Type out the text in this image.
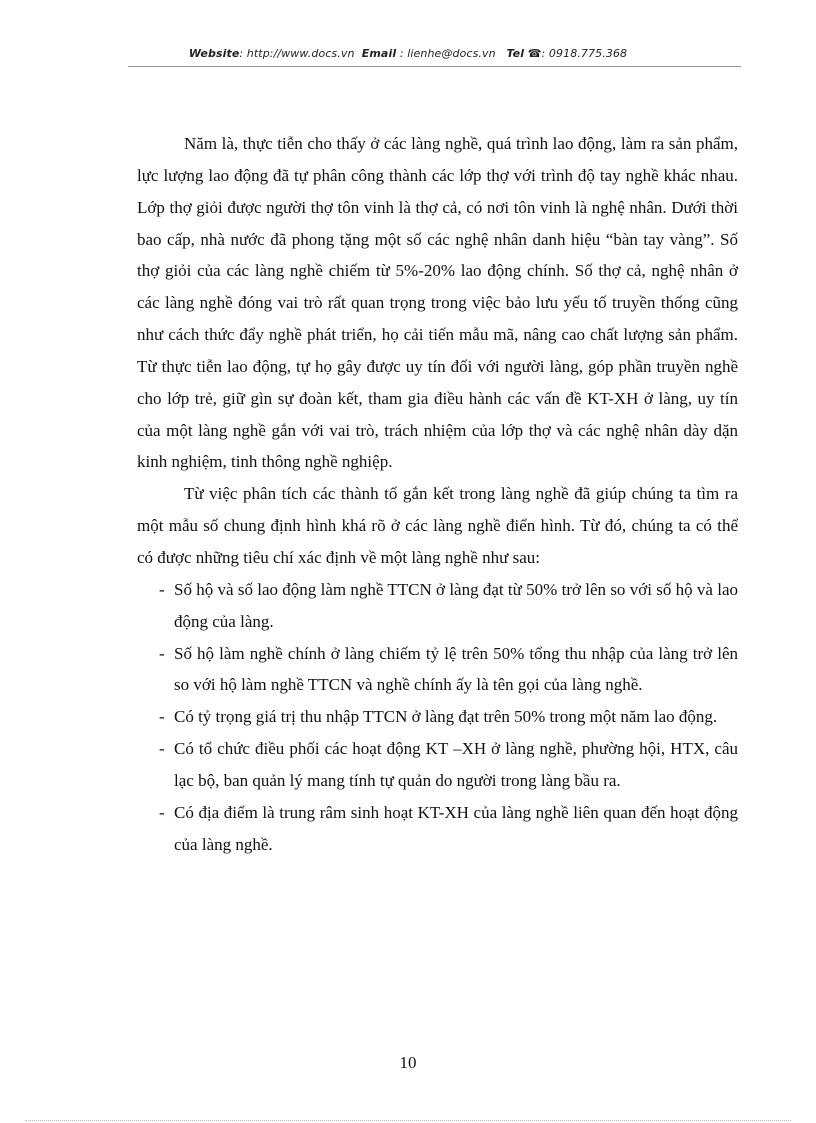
Website: http://www.docs.vn Email : lienhe@docs.vn Tel ☎: 0918.775.368

Năm là, thực tiễn cho thấy ở các làng nghề, quá trình lao động, làm ra sản phẩm, lực lượng lao động đã tự phân công thành các lớp thợ với trình độ tay nghề khác nhau. Lớp thợ giỏi được người thợ tôn vinh là thợ cả, có nơi tôn vinh là nghệ nhân. Dưới thời bao cấp, nhà nước đã phong tặng một số các nghệ nhân danh hiệu “bàn tay vàng”. Số thợ giỏi của các làng nghề chiếm từ 5%-20% lao động chính. Số thợ cả, nghệ nhân ở các làng nghề đóng vai trò rất quan trọng trong việc bảo lưu yếu tố truyền thống cũng như cách thức đẩy nghề phát triển, họ cải tiến mẫu mã, nâng cao chất lượng sản phẩm. Từ thực tiễn lao động, tự họ gây được uy tín đối với người làng, góp phần truyền nghề cho lớp trẻ, giữ gìn sự đoàn kết, tham gia điều hành các vấn đề KT-XH ở làng, uy tín của một làng nghề gắn với vai trò, trách nhiệm của lớp thợ và các nghệ nhân dày dặn kinh nghiệm, tinh thông nghề nghiệp.

Từ việc phân tích các thành tố gắn kết trong làng nghề đã giúp chúng ta tìm ra một mẫu số chung định hình khá rõ ở các làng nghề điển hình. Từ đó, chúng ta có thể có được những tiêu chí xác định về một làng nghề như sau:

- Số hộ và số lao động làm nghề TTCN ở làng đạt từ 50% trở lên so với số hộ và lao động của làng.
- Số hộ làm nghề chính ở làng chiếm tỷ lệ trên 50% tổng thu nhập của làng trở lên so với hộ làm nghề TTCN và nghề chính ấy là tên gọi của làng nghề.
- Có tỷ trọng giá trị thu nhập TTCN ở làng đạt trên 50% trong một năm lao động.
- Có tổ chức điều phối các hoạt động KT –XH ở làng nghề, phường hội, HTX, câu lạc bộ, ban quản lý mang tính tự quản do người trong làng bầu ra.
- Có địa điểm là trung râm sinh hoạt KT-XH của làng nghề liên quan đến hoạt động của làng nghề.
10
